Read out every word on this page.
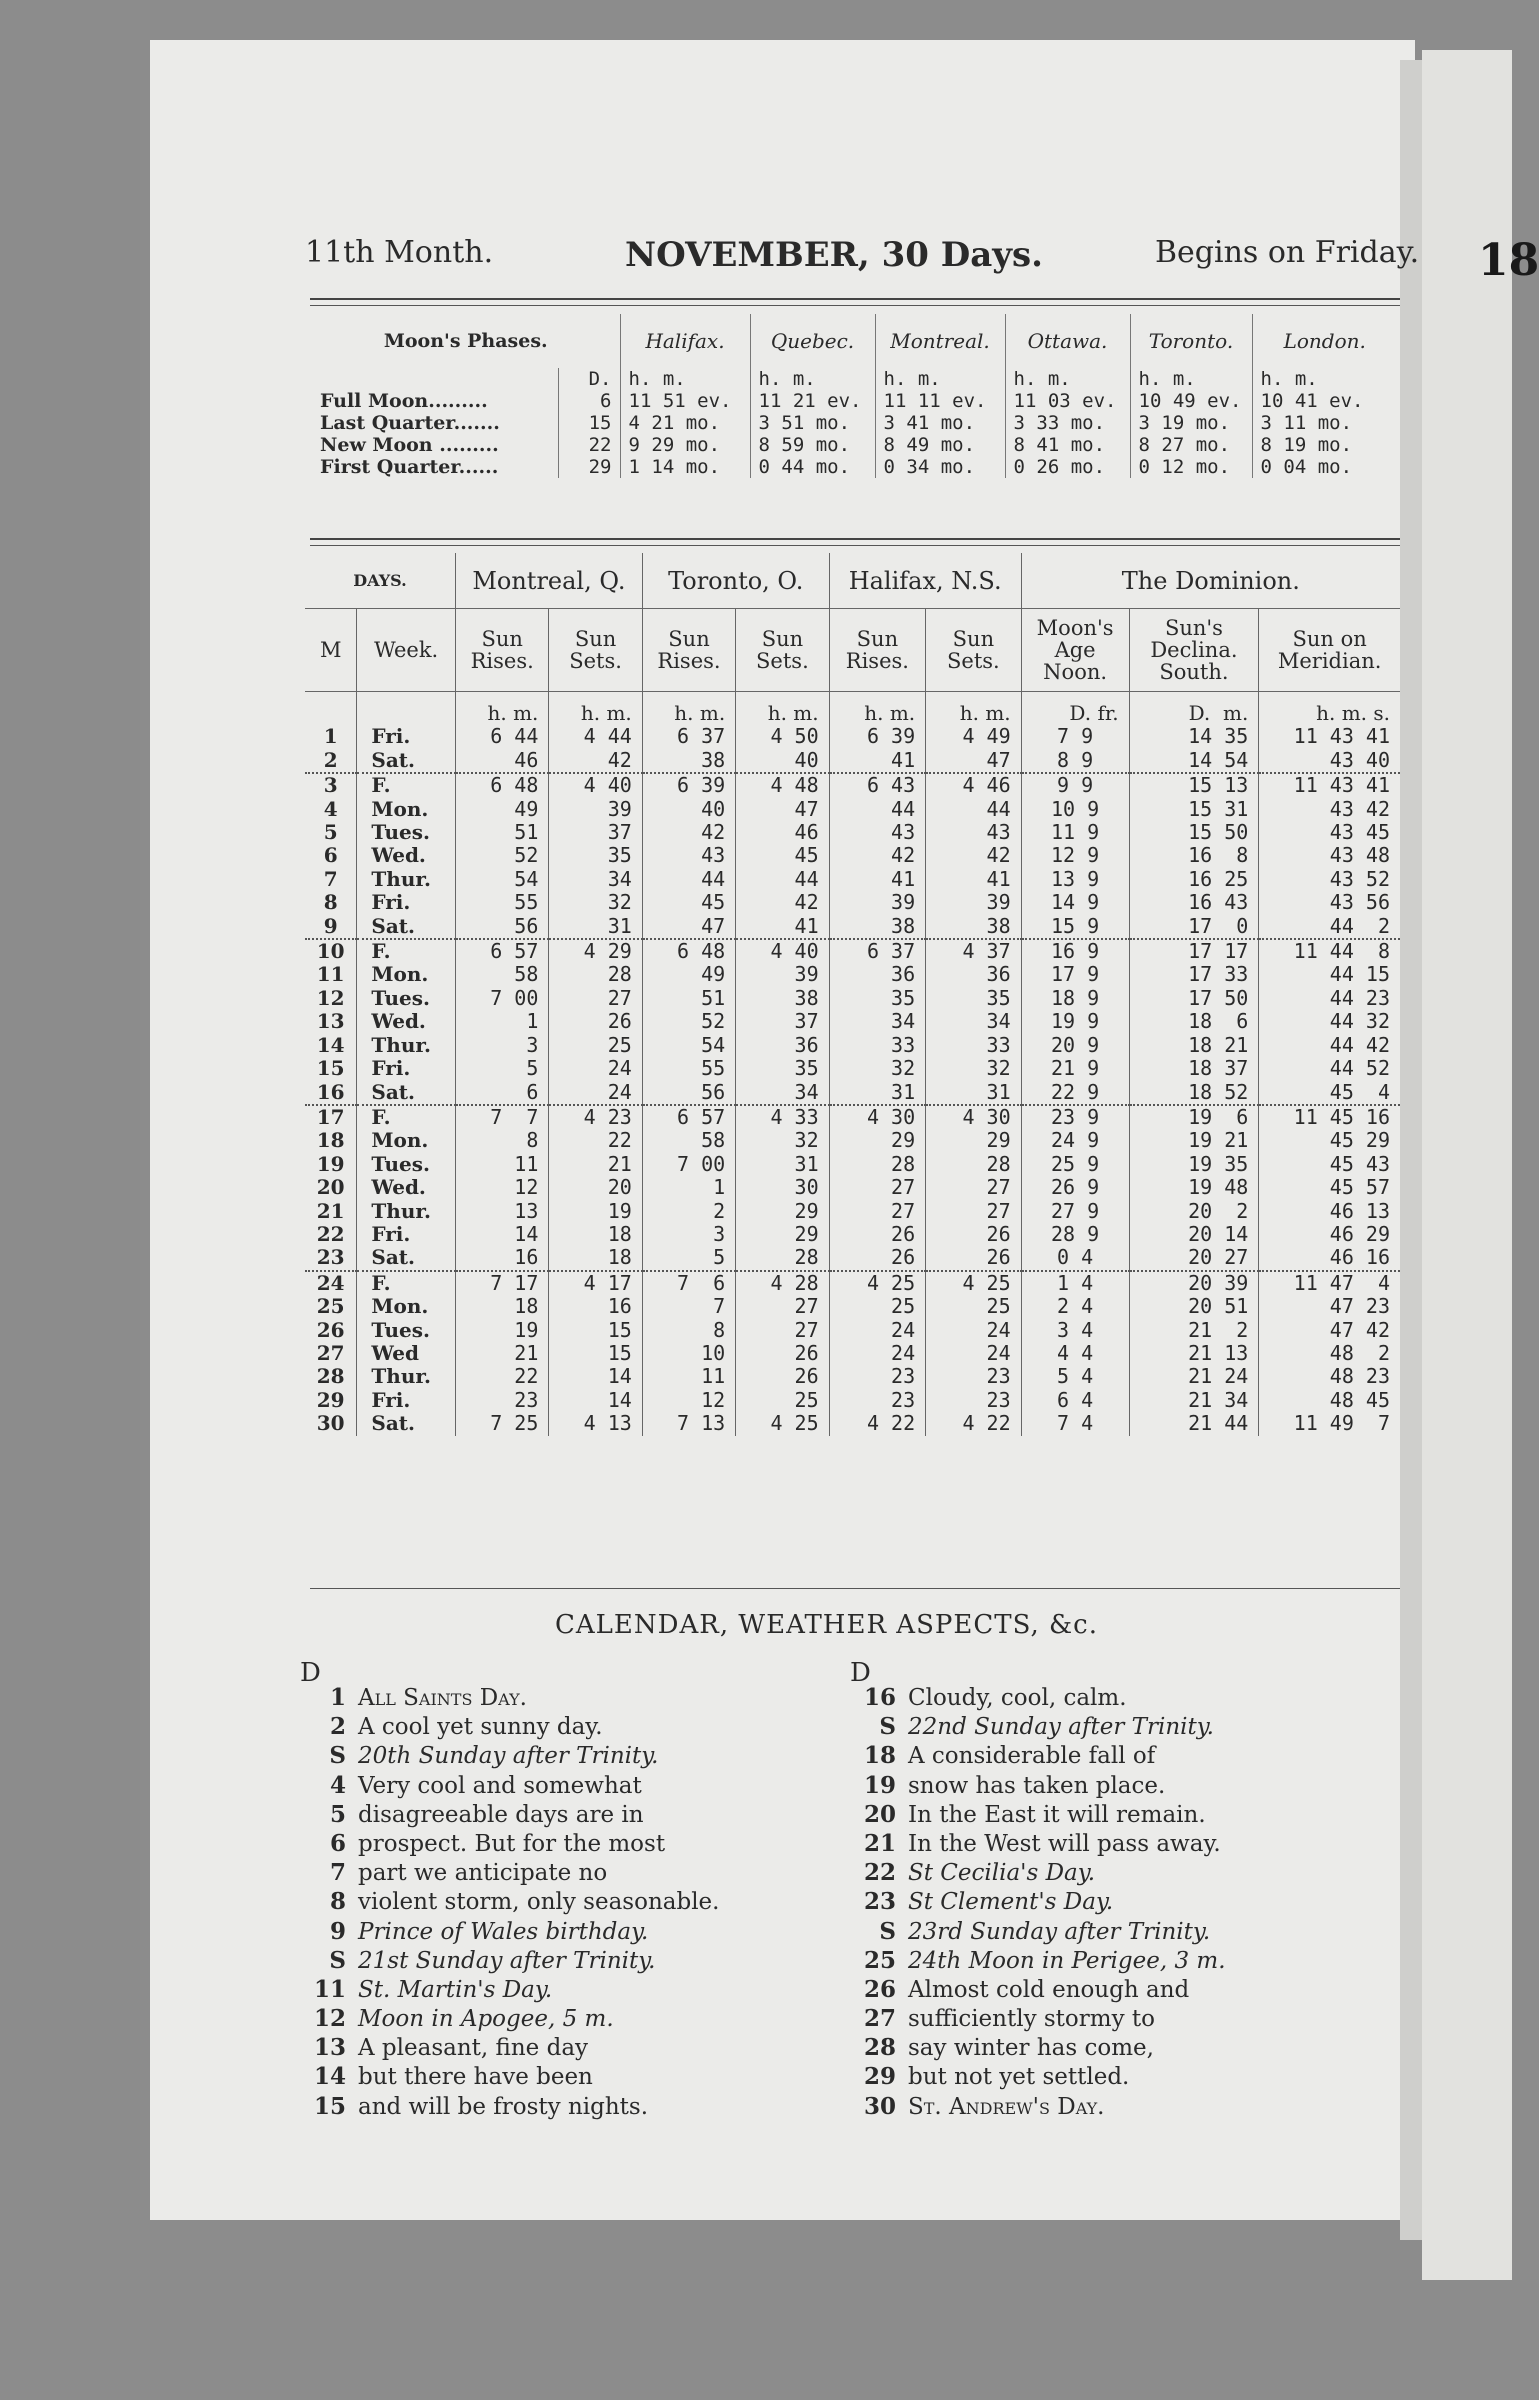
18
11th Month.	NOVEMBER, 30 Days.	Begins on Friday.
Moon's Phases.		Halifax.	Quebec.	Montreal.	Ottawa.	Toronto.	London.
	D.	h. m.	h. m.	h. m.	h. m.	h. m.	h. m.
Full Moon.........	6	11 51 ev.	11 21 ev.	11 11 ev.	11 03 ev.	10 49 ev.	10 41 ev.
Last Quarter.......	15	4 21 mo.	3 51 mo.	3 41 mo.	3 33 mo.	3 19 mo.	3 11 mo.
New Moon .........	22	9 29 mo.	8 59 mo.	8 49 mo.	8 41 mo.	8 27 mo.	8 19 mo.
First Quarter......	29	1 14 mo.	0 44 mo.	0 34 mo.	0 26 mo.	0 12 mo.	0 04 mo.
DAYS.		Montreal, Q.		Toronto, O.		Halifax, N.S.		The Dominion.		
M	Week.	Sun Rises.	Sun Sets.	Sun Rises.	Sun Sets.	Sun Rises.	Sun Sets.	Moon's Age Noon.	Sun's Declina. South.	Sun on Meridian.
		h. m.	h. m.	h. m.	h. m.	h. m.	h. m.	D. fr.	D.  m.	h. m. s.
1	Fri.	6 44	4 44	6 37	4 50	6 39	4 49	7 9	14 35	11 43 41
2	Sat.	46	42	38	40	41	47	8 9	14 54	43 40
3	F.	6 48	4 40	6 39	4 48	6 43	4 46	9 9	15 13	11 43 41
4	Mon.	49	39	40	47	44	44	10 9	15 31	43 42
5	Tues.	51	37	42	46	43	43	11 9	15 50	43 45
6	Wed.	52	35	43	45	42	42	12 9	16  8	43 48
7	Thur.	54	34	44	44	41	41	13 9	16 25	43 52
8	Fri.	55	32	45	42	39	39	14 9	16 43	43 56
9	Sat.	56	31	47	41	38	38	15 9	17  0	44  2
10	F.	6 57	4 29	6 48	4 40	6 37	4 37	16 9	17 17	11 44  8
11	Mon.	58	28	49	39	36	36	17 9	17 33	44 15
12	Tues.	7 00	27	51	38	35	35	18 9	17 50	44 23
13	Wed.	1	26	52	37	34	34	19 9	18  6	44 32
14	Thur.	3	25	54	36	33	33	20 9	18 21	44 42
15	Fri.	5	24	55	35	32	32	21 9	18 37	44 52
16	Sat.	6	24	56	34	31	31	22 9	18 52	45  4
17	F.	7  7	4 23	6 57	4 33	4 30	4 30	23 9	19  6	11 45 16
18	Mon.	8	22	58	32	29	29	24 9	19 21	45 29
19	Tues.	11	21	7 00	31	28	28	25 9	19 35	45 43
20	Wed.	12	20	1	30	27	27	26 9	19 48	45 57
21	Thur.	13	19	2	29	27	27	27 9	20  2	46 13
22	Fri.	14	18	3	29	26	26	28 9	20 14	46 29
23	Sat.	16	18	5	28	26	26	0 4	20 27	46 16
24	F.	7 17	4 17	7  6	4 28	4 25	4 25	1 4	20 39	11 47  4
25	Mon.	18	16	7	27	25	25	2 4	20 51	47 23
26	Tues.	19	15	8	27	24	24	3 4	21  2	47 42
27	Wed	21	15	10	26	24	24	4 4	21 13	48  2
28	Thur.	22	14	11	26	23	23	5 4	21 24	48 23
29	Fri.	23	14	12	25	23	23	6 4	21 34	48 45
30	Sat.	7 25	4 13	7 13	4 25	4 22	4 22	7 4	21 44	11 49  7
CALENDAR, WEATHER ASPECTS, &c.
D	D
1 All Saints Day.
2 A cool yet sunny day.
S 20th Sunday after Trinity.
4 Very cool and somewhat
5 disagreeable days are in
6 prospect. But for the most
7 part we anticipate no
8 violent storm, only seasonable.
9 Prince of Wales birthday.
S 21st Sunday after Trinity.
11 St. Martin's Day.
12 Moon in Apogee, 5 m.
13 A pleasant, fine day
14 but there have been
15 and will be frosty nights.
16 Cloudy, cool, calm.
S 22nd Sunday after Trinity.
18 A considerable fall of
19 snow has taken place.
20 In the East it will remain.
21 In the West will pass away.
22 St Cecilia's Day.
23 St Clement's Day.
S 23rd Sunday after Trinity.
25 24th Moon in Perigee, 3 m.
26 Almost cold enough and
27 sufficiently stormy to
28 say winter has come,
29 but not yet settled.
30 St. Andrew's Day.
